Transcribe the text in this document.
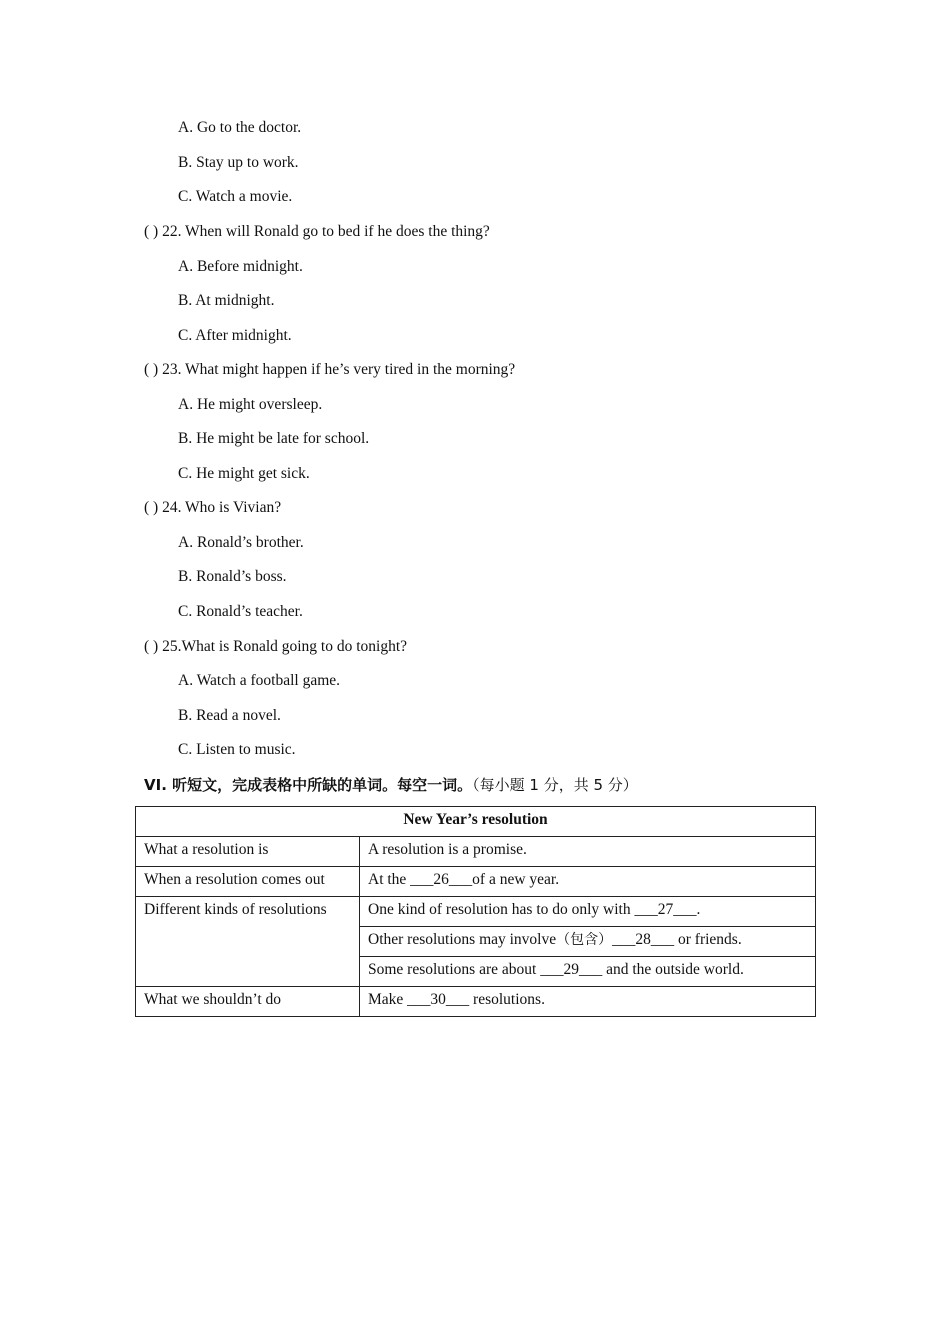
A. Go to the doctor.
B. Stay up to work.
C. Watch a movie.
( ) 22. When will Ronald go to bed if he does the thing?
A. Before midnight.
B. At midnight.
C. After midnight.
( ) 23. What might happen if he’s very tired in the morning?
A. He might oversleep.
B. He might be late for school.
C. He might get sick.
( ) 24. Who is Vivian?
A. Ronald’s brother.
B. Ronald’s boss.
C. Ronald’s teacher.
( ) 25.What is Ronald going to do tonight?
A. Watch a football game.
B. Read a novel.
C. Listen to music.
VI. 听短文，完成表格中所缺的单词。每空一词。（每小题 1 分，共 5 分）
New Year’s resolution	
What a resolution is	A resolution is a promise.
When a resolution comes out	At the ___26___of a new year.
Different kinds of resolutions	One kind of resolution has to do only with ___27___.
	Other resolutions may involve（包含）___28___ or friends.
	Some resolutions are about ___29___ and the outside world.
What we shouldn’t do	Make ___30___ resolutions.
